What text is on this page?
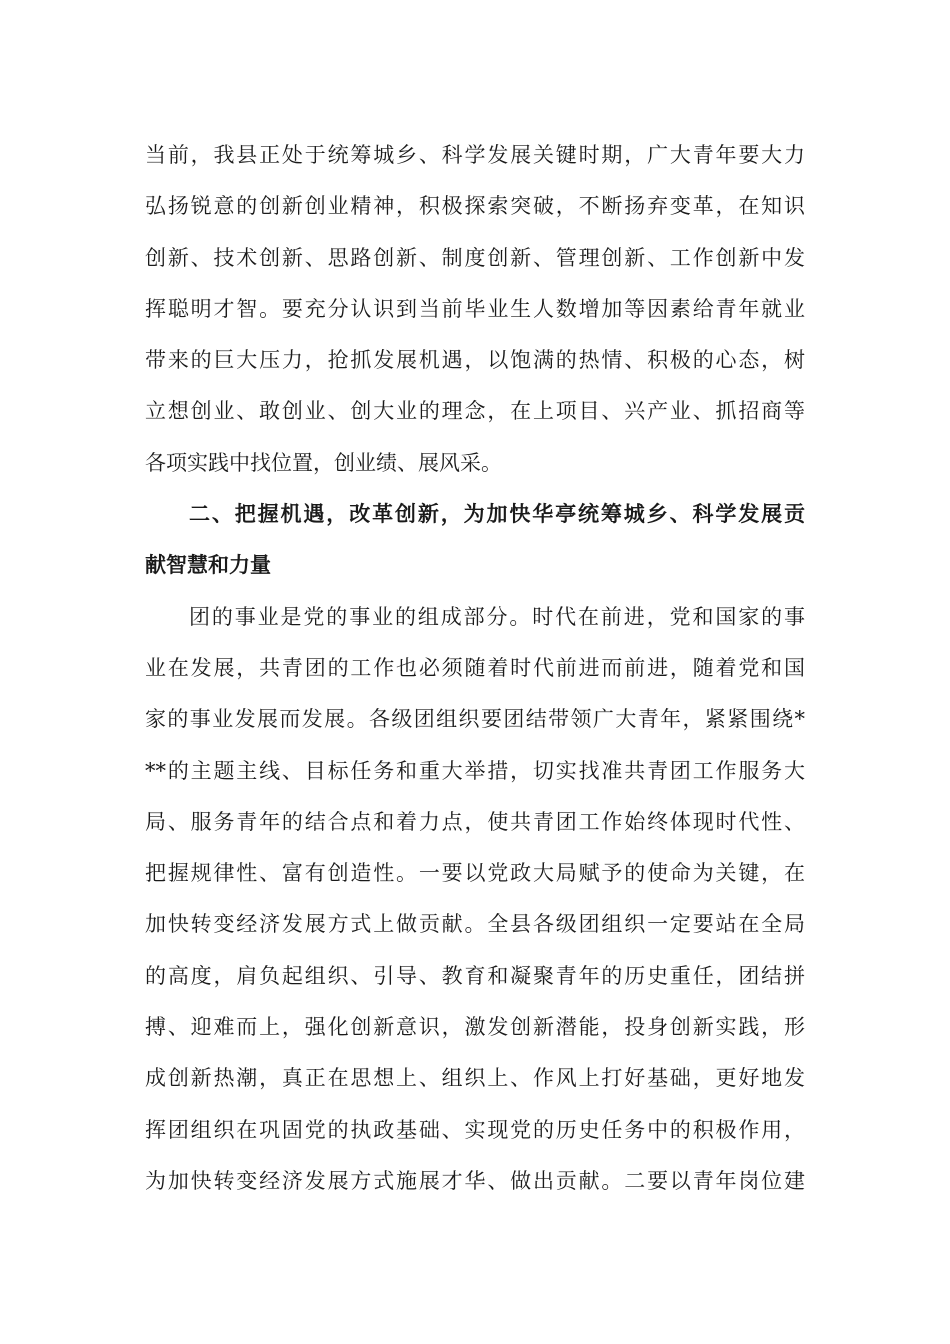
当前，我县正处于统筹城乡、科学发展关键时期，广大青年要大力
弘扬锐意的创新创业精神，积极探索突破，不断扬弃变革，在知识
创新、技术创新、思路创新、制度创新、管理创新、工作创新中发
挥聪明才智。要充分认识到当前毕业生人数增加等因素给青年就业
带来的巨大压力，抢抓发展机遇，以饱满的热情、积极的心态，树
立想创业、敢创业、创大业的理念，在上项目、兴产业、抓招商等
各项实践中找位置，创业绩、展风采。
二、把握机遇，改革创新，为加快华亭统筹城乡、科学发展贡
献智慧和力量
团的事业是党的事业的组成部分。时代在前进，党和国家的事
业在发展，共青团的工作也必须随着时代前进而前进，随着党和国
家的事业发展而发展。各级团组织要团结带领广大青年，紧紧围绕*
**的主题主线、目标任务和重大举措，切实找准共青团工作服务大
局、服务青年的结合点和着力点，使共青团工作始终体现时代性、
把握规律性、富有创造性。一要以党政大局赋予的使命为关键，在
加快转变经济发展方式上做贡献。全县各级团组织一定要站在全局
的高度，肩负起组织、引导、教育和凝聚青年的历史重任，团结拼
搏、迎难而上，强化创新意识，激发创新潜能，投身创新实践，形
成创新热潮，真正在思想上、组织上、作风上打好基础，更好地发
挥团组织在巩固党的执政基础、实现党的历史任务中的积极作用，
为加快转变经济发展方式施展才华、做出贡献。二要以青年岗位建
